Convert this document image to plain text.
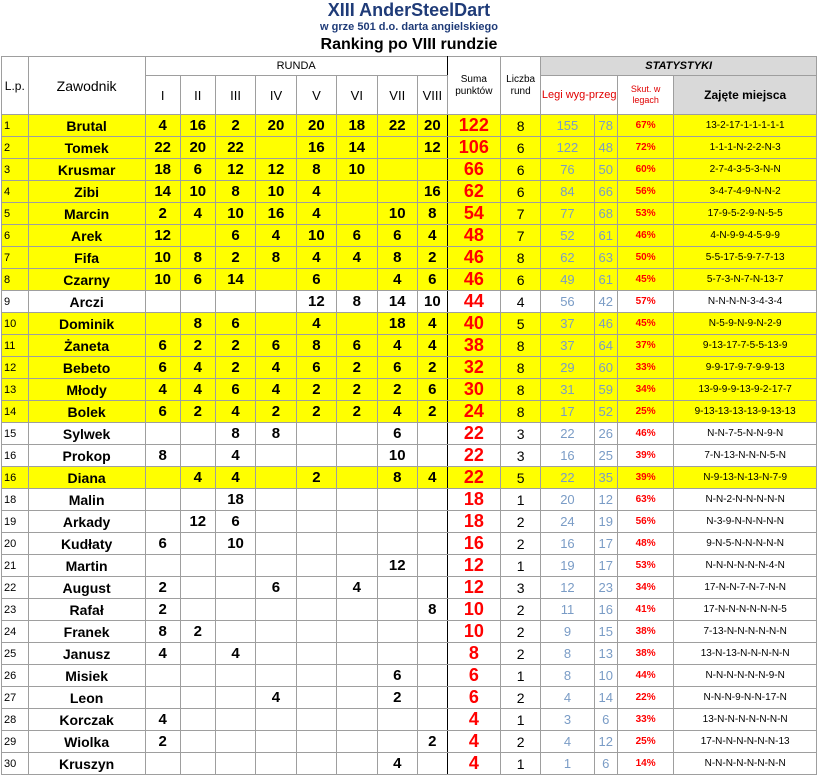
XIII AnderSteelDart
w grze 501 d.o. darta angielskiego
Ranking po VIII rundzie
L.p.	Zawodnik	RUNDA								Suma punktów	Liczba rund	STATYSTYKI			
		I	II	III	IV	V	VI	VII	VIII			Legi wyg-przeg		Skut. w legach	Zajęte miejsca
1	Brutal	4	16	2	20	20	18	22	20	122	8	155	78	67%	13-2-17-1-1-1-1-1
2	Tomek	22	20	22		16	14		12	106	6	122	48	72%	1-1-1-N-2-2-N-3
3	Krusmar	18	6	12	12	8	10			66	6	76	50	60%	2-7-4-3-5-3-N-N
4	Zibi	14	10	8	10	4			16	62	6	84	66	56%	3-4-7-4-9-N-N-2
5	Marcin	2	4	10	16	4		10	8	54	7	77	68	53%	17-9-5-2-9-N-5-5
6	Arek	12		6	4	10	6	6	4	48	7	52	61	46%	4-N-9-9-4-5-9-9
7	Fifa	10	8	2	8	4	4	8	2	46	8	62	63	50%	5-5-17-5-9-7-7-13
8	Czarny	10	6	14		6		4	6	46	6	49	61	45%	5-7-3-N-7-N-13-7
9	Arczi					12	8	14	10	44	4	56	42	57%	N-N-N-N-3-4-3-4
10	Dominik		8	6		4		18	4	40	5	37	46	45%	N-5-9-N-9-N-2-9
11	Żaneta	6	2	2	6	8	6	4	4	38	8	37	64	37%	9-13-17-7-5-5-13-9
12	Bebeto	6	4	2	4	6	2	6	2	32	8	29	60	33%	9-9-17-9-7-9-9-13
13	Młody	4	4	6	4	2	2	2	6	30	8	31	59	34%	13-9-9-9-13-9-2-17-7
14	Bolek	6	2	4	2	2	2	4	2	24	8	17	52	25%	9-13-13-13-13-9-13-13
15	Sylwek			8	8			6		22	3	22	26	46%	N-N-7-5-N-N-9-N
16	Prokop	8		4				10		22	3	16	25	39%	7-N-13-N-N-N-5-N
16	Diana		4	4		2		8	4	22	5	22	35	39%	N-9-13-N-13-N-7-9
18	Malin			18						18	1	20	12	63%	N-N-2-N-N-N-N-N
19	Arkady		12	6						18	2	24	19	56%	N-3-9-N-N-N-N-N
20	Kudłaty	6		10						16	2	16	17	48%	9-N-5-N-N-N-N-N
21	Martin							12		12	1	19	17	53%	N-N-N-N-N-N-4-N
22	August	2			6		4			12	3	12	23	34%	17-N-N-7-N-7-N-N
23	Rafał	2							8	10	2	11	16	41%	17-N-N-N-N-N-N-5
24	Franek	8	2							10	2	9	15	38%	7-13-N-N-N-N-N-N
25	Janusz	4		4						8	2	8	13	38%	13-N-13-N-N-N-N-N
26	Misiek							6		6	1	8	10	44%	N-N-N-N-N-N-9-N
27	Leon				4			2		6	2	4	14	22%	N-N-N-9-N-N-17-N
28	Korczak	4								4	1	3	6	33%	13-N-N-N-N-N-N-N
29	Wiolka	2							2	4	2	4	12	25%	17-N-N-N-N-N-N-13
30	Kruszyn							4		4	1	1	6	14%	N-N-N-N-N-N-N-N
